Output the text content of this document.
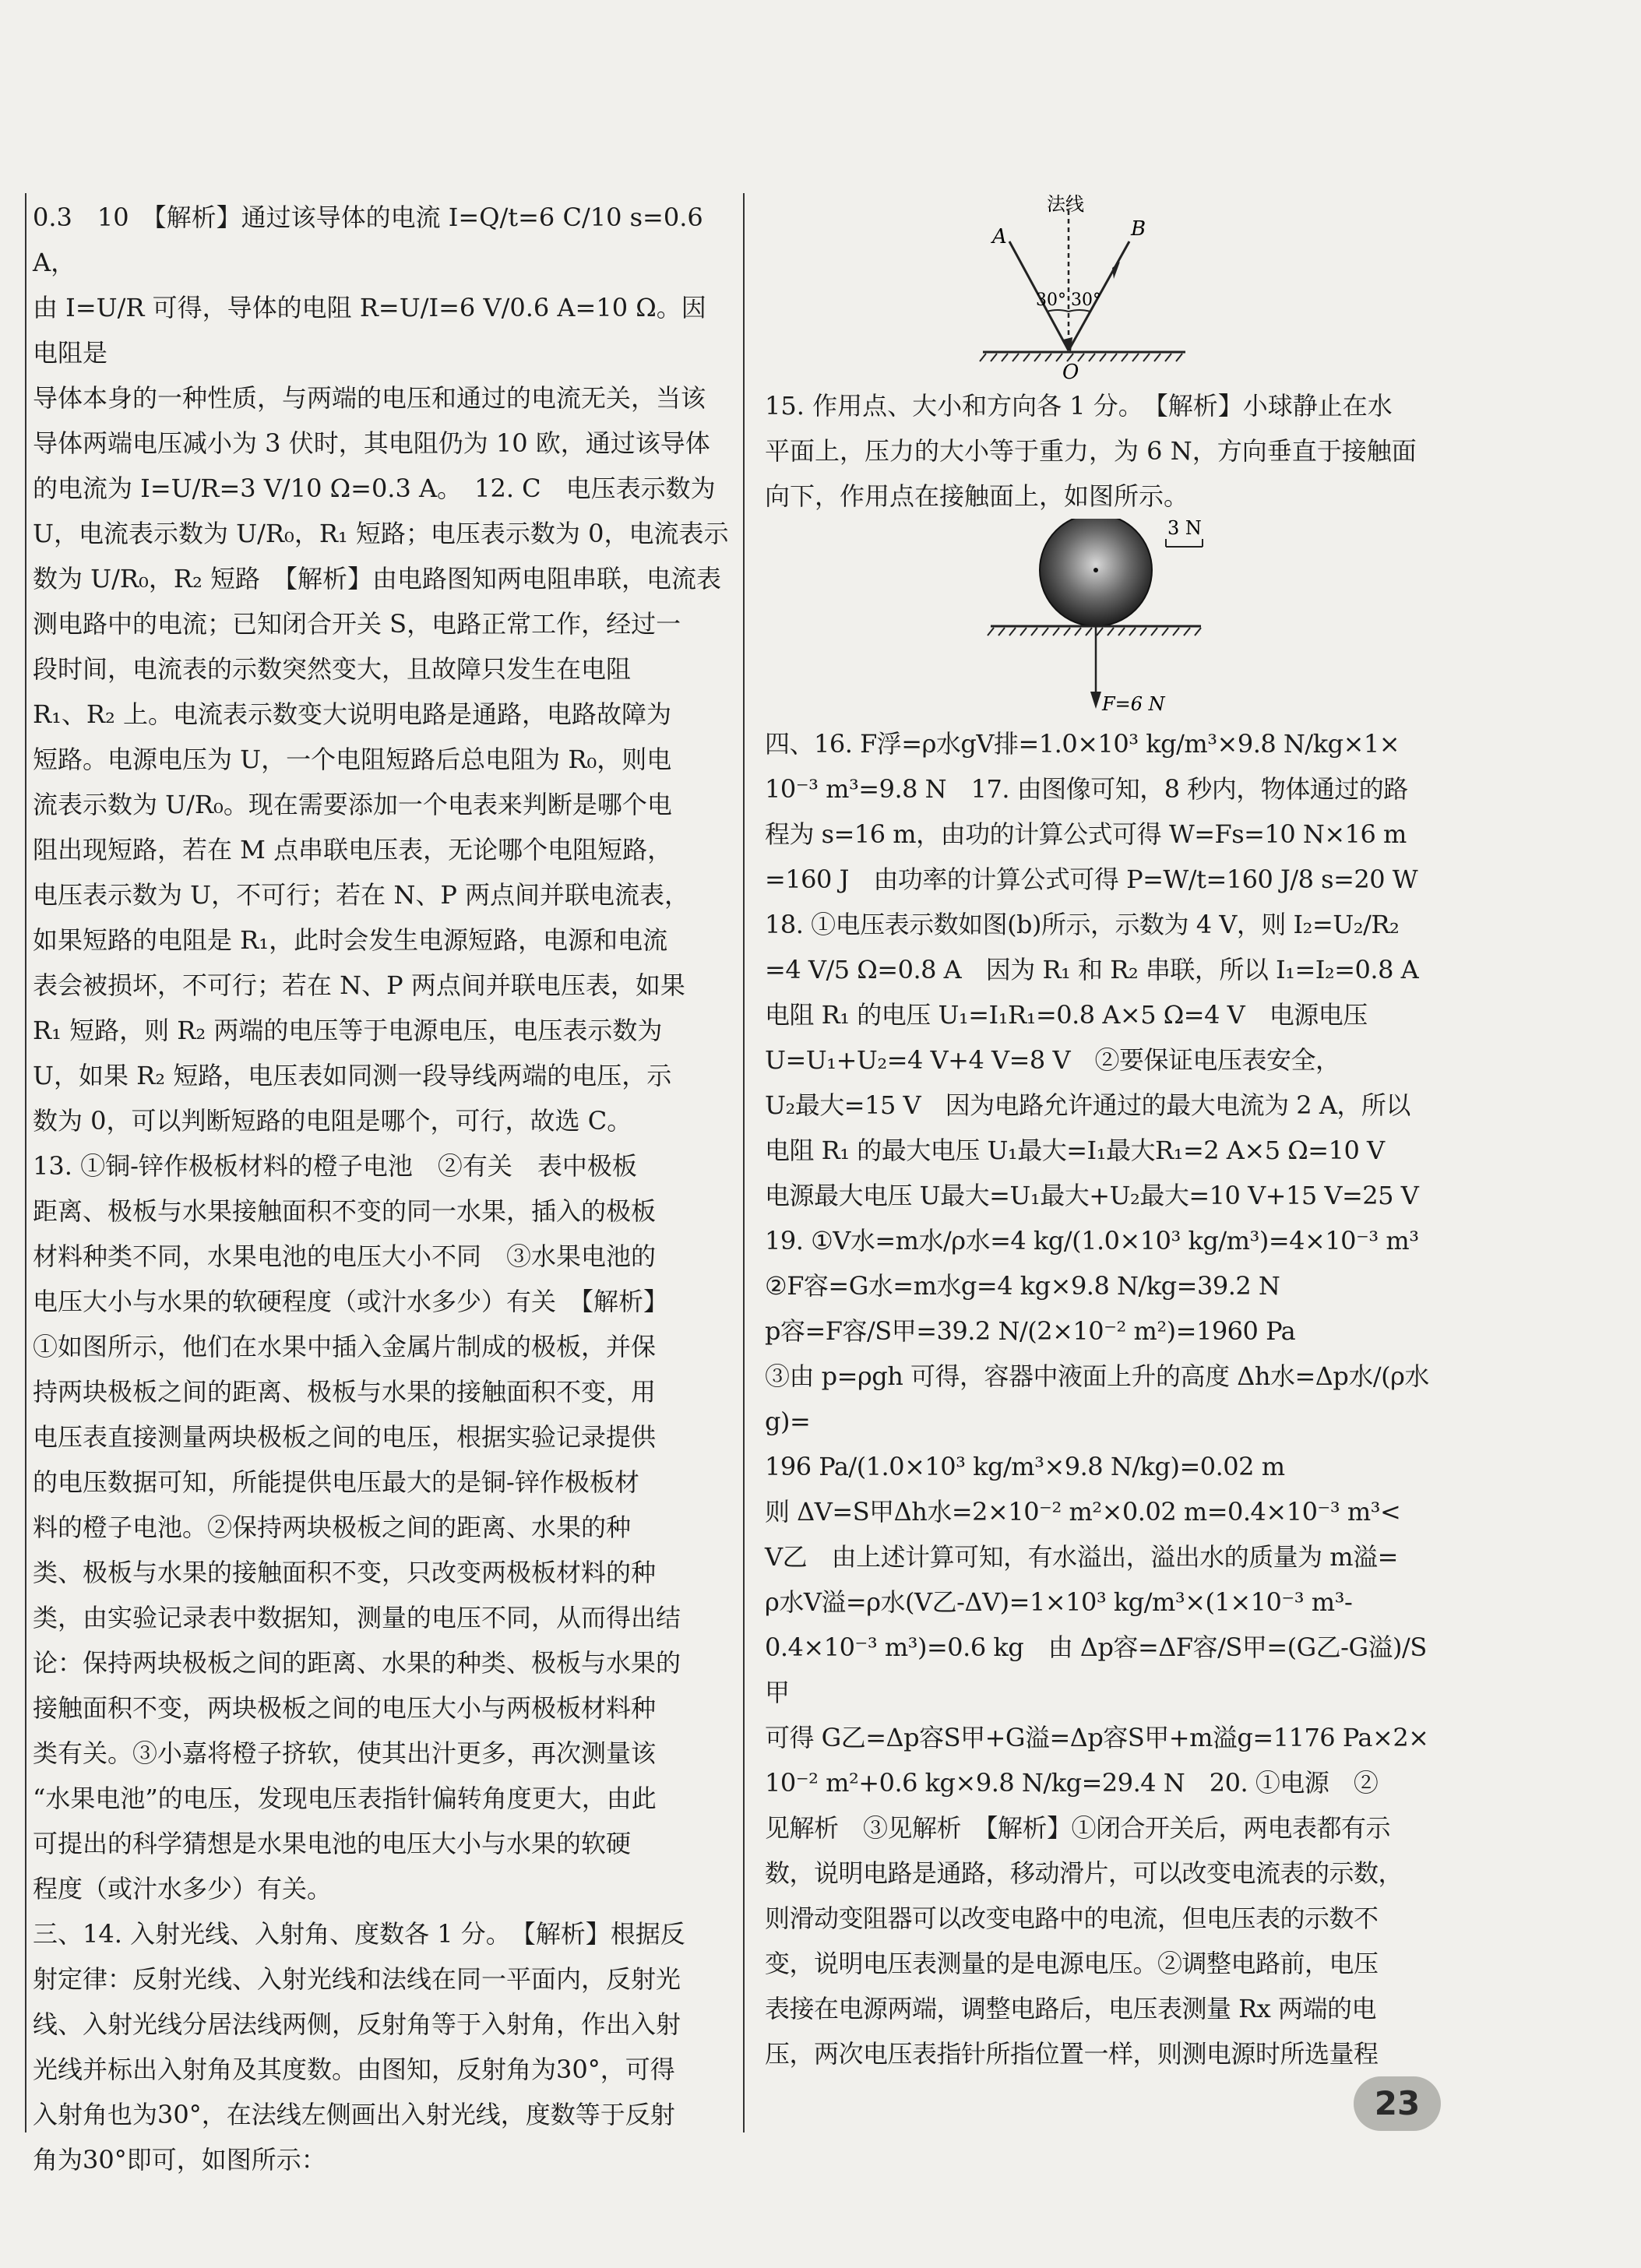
0.3　10　【解析】通过该导体的电流 I=Q/t=6 C/10 s=0.6 A，

由 I=U/R 可得，导体的电阻 R=U/I=6 V/0.6 A=10 Ω。因电阻是

导体本身的一种性质，与两端的电压和通过的电流无关，当该

导体两端电压减小为 3 伏时，其电阻仍为 10 欧，通过该导体

的电流为 I=U/R=3 V/10 Ω=0.3 A。　12. C　电压表示数为

U，电流表示数为 U/R₀，R₁ 短路；电压表示数为 0，电流表示

数为 U/R₀，R₂ 短路　【解析】由电路图知两电阻串联，电流表

测电路中的电流；已知闭合开关 S，电路正常工作，经过一

段时间，电流表的示数突然变大，且故障只发生在电阻

R₁、R₂ 上。电流表示数变大说明电路是通路，电路故障为

短路。电源电压为 U，一个电阻短路后总电阻为 R₀，则电

流表示数为 U/R₀。现在需要添加一个电表来判断是哪个电

阻出现短路，若在 M 点串联电压表，无论哪个电阻短路，

电压表示数为 U，不可行；若在 N、P 两点间并联电流表，

如果短路的电阻是 R₁，此时会发生电源短路，电源和电流

表会被损坏，不可行；若在 N、P 两点间并联电压表，如果

R₁ 短路，则 R₂ 两端的电压等于电源电压，电压表示数为

U，如果 R₂ 短路，电压表如同测一段导线两端的电压，示

数为 0，可以判断短路的电阻是哪个，可行，故选 C。

13. ①铜-锌作极板材料的橙子电池　②有关　表中极板

距离、极板与水果接触面积不变的同一水果，插入的极板

材料种类不同，水果电池的电压大小不同　③水果电池的

电压大小与水果的软硬程度（或汁水多少）有关　【解析】

①如图所示，他们在水果中插入金属片制成的极板，并保

持两块极板之间的距离、极板与水果的接触面积不变，用

电压表直接测量两块极板之间的电压，根据实验记录提供

的电压数据可知，所能提供电压最大的是铜-锌作极板材

料的橙子电池。②保持两块极板之间的距离、水果的种

类、极板与水果的接触面积不变，只改变两极板材料的种

类，由实验记录表中数据知，测量的电压不同，从而得出结

论：保持两块极板之间的距离、水果的种类、极板与水果的

接触面积不变，两块极板之间的电压大小与两极板材料种

类有关。③小嘉将橙子挤软，使其出汁更多，再次测量该

“水果电池”的电压，发现电压表指针偏转角度更大，由此

可提出的科学猜想是水果电池的电压大小与水果的软硬

程度（或汁水多少）有关。

三、14. 入射光线、入射角、度数各 1 分。　【解析】根据反

射定律：反射光线、入射光线和法线在同一平面内，反射光

线、入射光线分居法线两侧，反射角等于入射角，作出入射

光线并标出入射角及其度数。由图知，反射角为30°，可得

入射角也为30°，在法线左侧画出入射光线，度数等于反射

角为30°即可，如图所示：

法线
A	B
30° 30°
O

15. 作用点、大小和方向各 1 分。　【解析】小球静止在水

平面上，压力的大小等于重力，为 6 N，方向垂直于接触面

向下，作用点在接触面上，如图所示。

3 N
F=6 N

四、16. F浮=ρ水gV排=1.0×10³ kg/m³×9.8 N/kg×1×

10⁻³ m³=9.8 N　17. 由图像可知，8 秒内，物体通过的路

程为 s=16 m，由功的计算公式可得 W=Fs=10 N×16 m

=160 J　由功率的计算公式可得 P=W/t=160 J/8 s=20 W

18. ①电压表示数如图(b)所示，示数为 4 V，则 I₂=U₂/R₂

=4 V/5 Ω=0.8 A　因为 R₁ 和 R₂ 串联，所以 I₁=I₂=0.8 A

电阻 R₁ 的电压 U₁=I₁R₁=0.8 A×5 Ω=4 V　电源电压

U=U₁+U₂=4 V+4 V=8 V　②要保证电压表安全，

U₂最大=15 V　因为电路允许通过的最大电流为 2 A，所以

电阻 R₁ 的最大电压 U₁最大=I₁最大R₁=2 A×5 Ω=10 V

电源最大电压 U最大=U₁最大+U₂最大=10 V+15 V=25 V

19. ①V水=m水/ρ水=4 kg/(1.0×10³ kg/m³)=4×10⁻³ m³

②F容=G水=m水g=4 kg×9.8 N/kg=39.2 N

p容=F容/S甲=39.2 N/(2×10⁻² m²)=1960 Pa

③由 p=ρgh 可得，容器中液面上升的高度 Δh水=Δp水/(ρ水g)=

196 Pa/(1.0×10³ kg/m³×9.8 N/kg)=0.02 m

则 ΔV=S甲Δh水=2×10⁻² m²×0.02 m=0.4×10⁻³ m³<

V乙　由上述计算可知，有水溢出，溢出水的质量为 m溢=

ρ水V溢=ρ水(V乙-ΔV)=1×10³ kg/m³×(1×10⁻³ m³-

0.4×10⁻³ m³)=0.6 kg　由 Δp容=ΔF容/S甲=(G乙-G溢)/S甲

可得 G乙=Δp容S甲+G溢=Δp容S甲+m溢g=1176 Pa×2×

10⁻² m²+0.6 kg×9.8 N/kg=29.4 N　20. ①电源　②

见解析　③见解析　【解析】①闭合开关后，两电表都有示

数，说明电路是通路，移动滑片，可以改变电流表的示数，

则滑动变阻器可以改变电路中的电流，但电压表的示数不

变，说明电压表测量的是电源电压。②调整电路前，电压

表接在电源两端，调整电路后，电压表测量 Rx 两端的电

压，两次电压表指针所指位置一样，则测电源时所选量程

23
